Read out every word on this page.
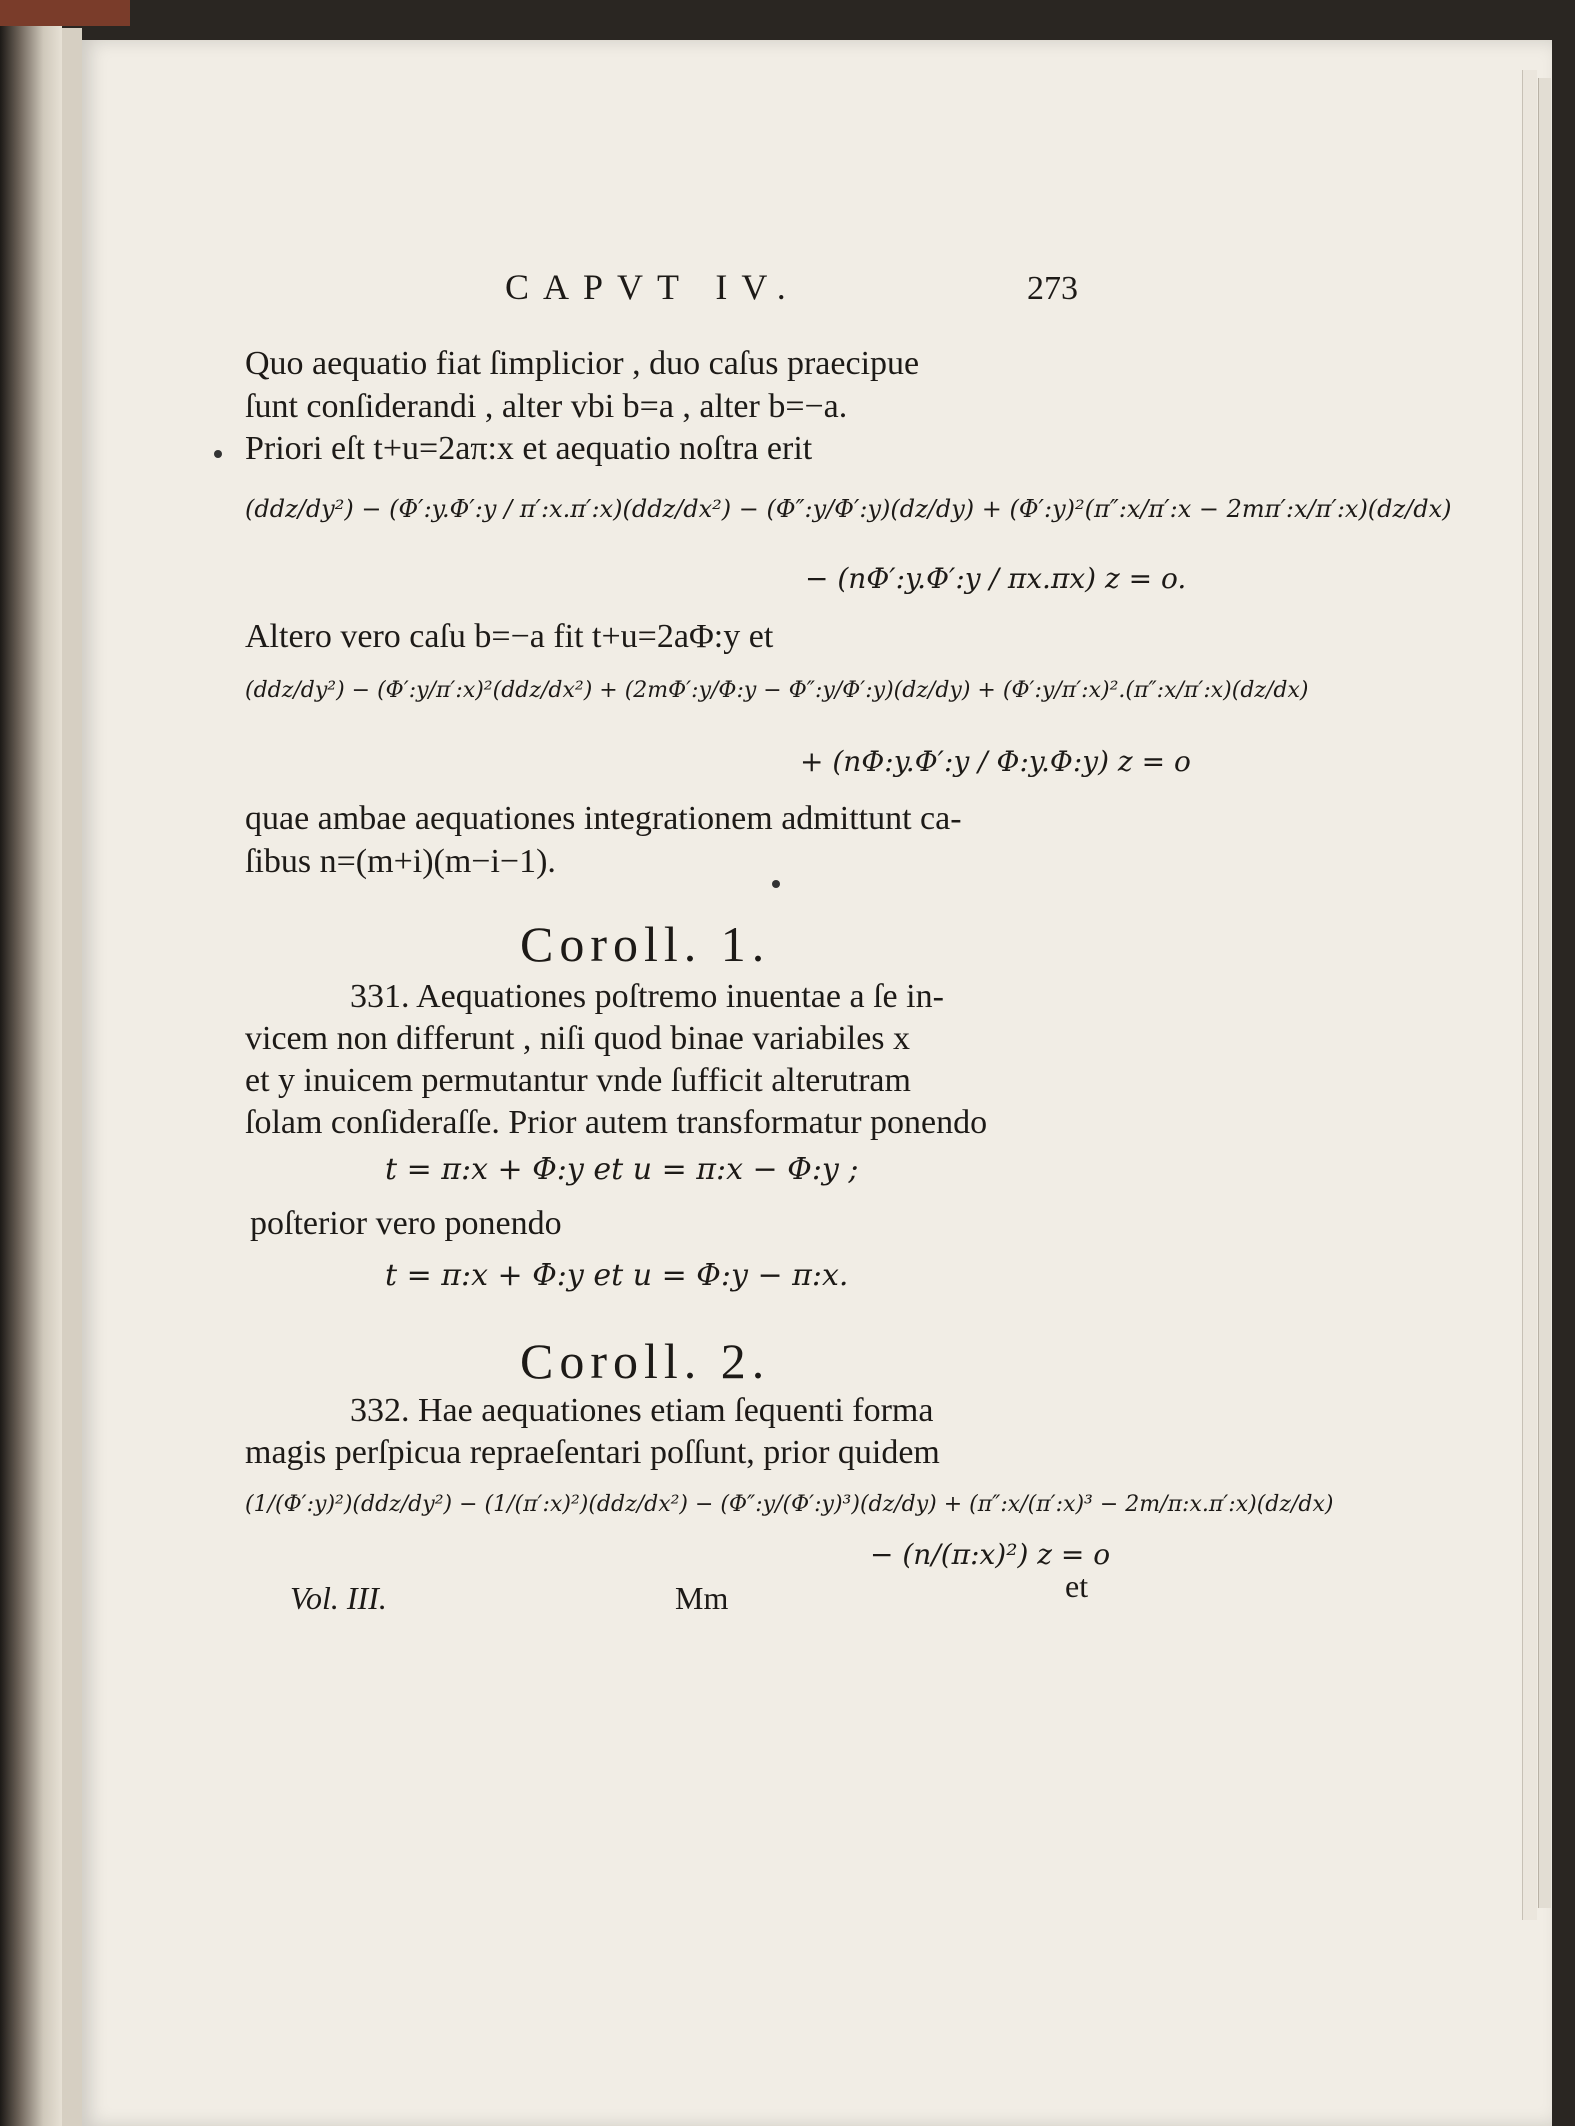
CAPVT IV.	273
Quo aequatio fiat ſimplicior , duo caſus praecipue
ſunt conſiderandi , alter vbi b=a , alter b=−a.
Priori eſt t+u=2aπ:x et aequatio noſtra erit
(ddz/dy²) − (Φ′:y.Φ′:y / π′:x.π′:x)(ddz/dx²) − (Φ″:y/Φ′:y)(dz/dy) + (Φ′:y)²(π″:x/π′:x − 2mπ′:x/π′:x)(dz/dx)
− (nΦ′:y.Φ′:y / πx.πx) z = o.
Altero vero caſu b=−a fit t+u=2aΦ:y et
(ddz/dy²) − (Φ′:y/π′:x)²(ddz/dx²) + (2mΦ′:y/Φ:y − Φ″:y/Φ′:y)(dz/dy) + (Φ′:y/π′:x)².(π″:x/π′:x)(dz/dx)
+ (nΦ:y.Φ′:y / Φ:y.Φ:y) z = o
quae ambae aequationes integrationem admittunt ca-
ſibus n=(m+i)(m−i−1).
Coroll. 1.
331. Aequationes poſtremo inuentae a ſe in-
vicem non differunt , niſi quod binae variabiles x
et y inuicem permutantur vnde ſufficit alterutram
ſolam conſideraſſe. Prior autem transformatur ponendo
t = π:x + Φ:y et u = π:x − Φ:y ;
poſterior vero ponendo
t = π:x + Φ:y et u = Φ:y − π:x.
Coroll. 2.
332. Hae aequationes etiam ſequenti forma
magis perſpicua repraeſentari poſſunt, prior quidem
(1/(Φ′:y)²)(ddz/dy²) − (1/(π′:x)²)(ddz/dx²) − (Φ″:y/(Φ′:y)³)(dz/dy) + (π″:x/(π′:x)³ − 2m/π:x.π′:x)(dz/dx)
− (n/(π:x)²) z = o
Vol. III.	Mm	et
